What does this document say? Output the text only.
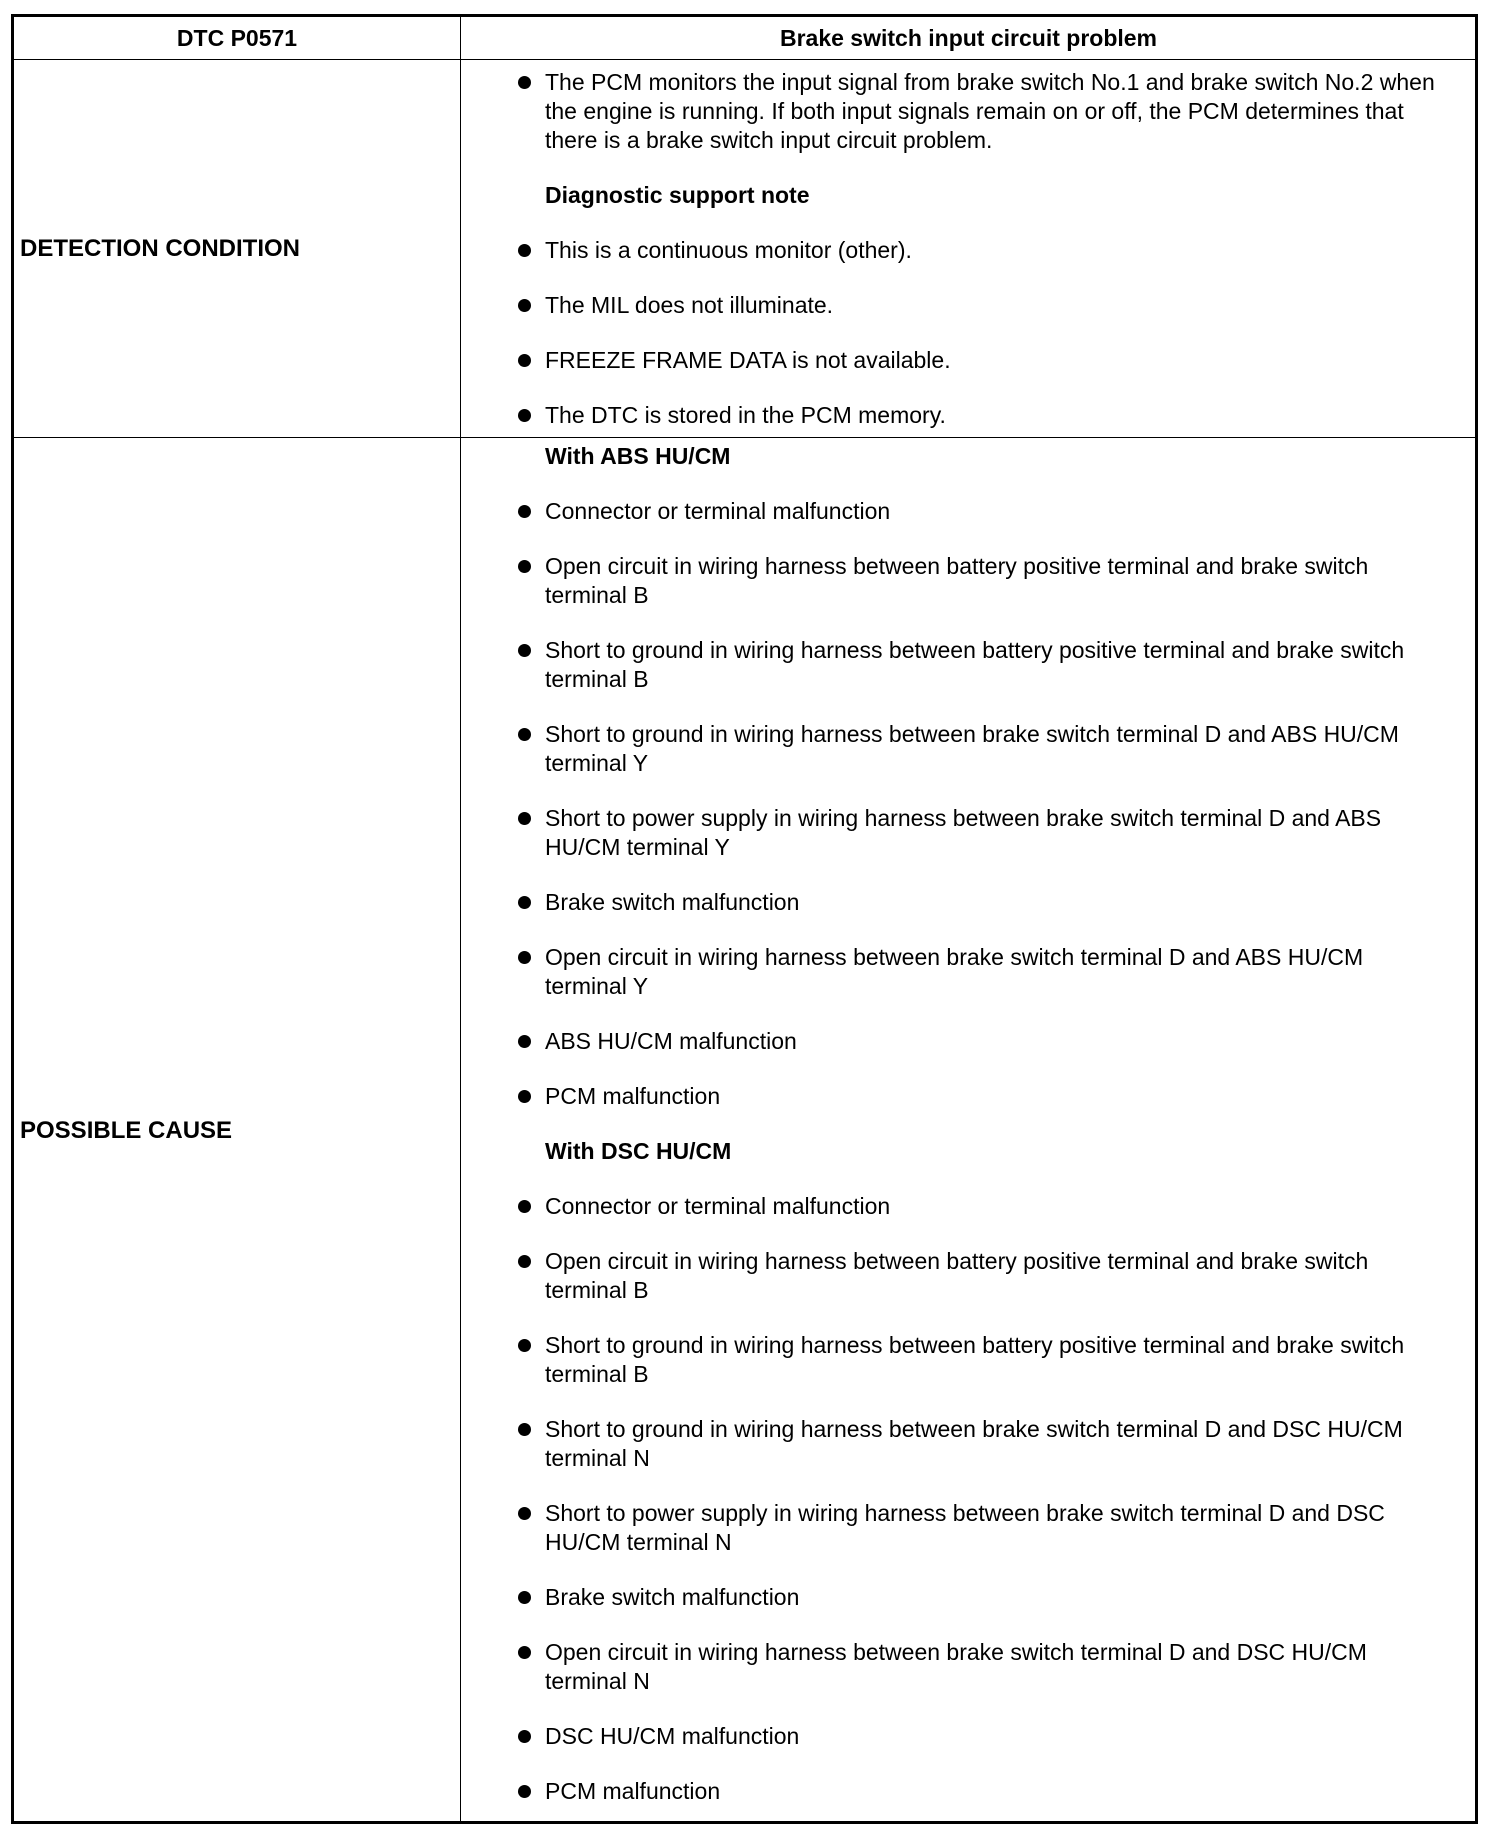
DTC P0571	Brake switch input circuit problem
DETECTION CONDITION
The PCM monitors the input signal from brake switch No.1 and brake switch No.2 when the engine is running. If both input signals remain on or off, the PCM determines that there is a brake switch input circuit problem.
Diagnostic support note
This is a continuous monitor (other).
The MIL does not illuminate.
FREEZE FRAME DATA is not available.
The DTC is stored in the PCM memory.
POSSIBLE CAUSE
With ABS HU/CM
Connector or terminal malfunction
Open circuit in wiring harness between battery positive terminal and brake switch terminal B
Short to ground in wiring harness between battery positive terminal and brake switch terminal B
Short to ground in wiring harness between brake switch terminal D and ABS HU/CM terminal Y
Short to power supply in wiring harness between brake switch terminal D and ABS HU/CM terminal Y
Brake switch malfunction
Open circuit in wiring harness between brake switch terminal D and ABS HU/CM terminal Y
ABS HU/CM malfunction
PCM malfunction
With DSC HU/CM
Connector or terminal malfunction
Open circuit in wiring harness between battery positive terminal and brake switch terminal B
Short to ground in wiring harness between battery positive terminal and brake switch terminal B
Short to ground in wiring harness between brake switch terminal D and DSC HU/CM terminal N
Short to power supply in wiring harness between brake switch terminal D and DSC HU/CM terminal N
Brake switch malfunction
Open circuit in wiring harness between brake switch terminal D and DSC HU/CM terminal N
DSC HU/CM malfunction
PCM malfunction
